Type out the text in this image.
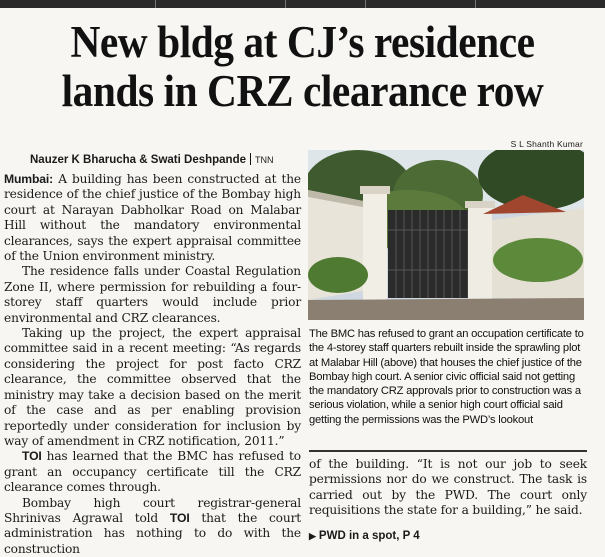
New bldg at CJ’s residence
lands in CRZ clearance row
Nauzer K Bharucha & Swati Deshpande TNN
S L Shanth Kumar

Mumbai: A building has been constructed at the residence of the chief justice of the Bombay high court at Narayan Dabholkar Road on Malabar Hill without the mandatory environmental clearances, says the expert appraisal committee of the Union environment ministry.

The residence falls under Coastal Regulation Zone II, where permission for rebuilding a four-storey staff quarters would include prior environmental and CRZ clearances.

Taking up the project, the expert appraisal committee said in a recent meeting: “As regards considering the project for post facto CRZ clearance, the committee observed that the ministry may take a decision based on the merit of the case and as per enabling provision reportedly under consideration for inclusion by way of amendment in CRZ notification, 2011.”

TOI has learned that the BMC has refused to grant an occupancy certificate till the CRZ clearance comes through.

Bombay high court registrar-general Shrinivas Agrawal told TOI that the court administration has nothing to do with the construction

The BMC has refused to grant an occupation certificate to the 4-storey staff quarters rebuilt inside the sprawling plot at Malabar Hill (above) that houses the chief justice of the Bombay high court. A senior civic official said not getting the mandatory CRZ approvals prior to construction was a serious violation, while a senior high court official said getting the permissions was the PWD’s lookout

of the building. “It is not our job to seek permissions nor do we construct. The task is carried out by the PWD. The court only requisitions the state for a building,” he said.

▶ PWD in a spot, P 4
